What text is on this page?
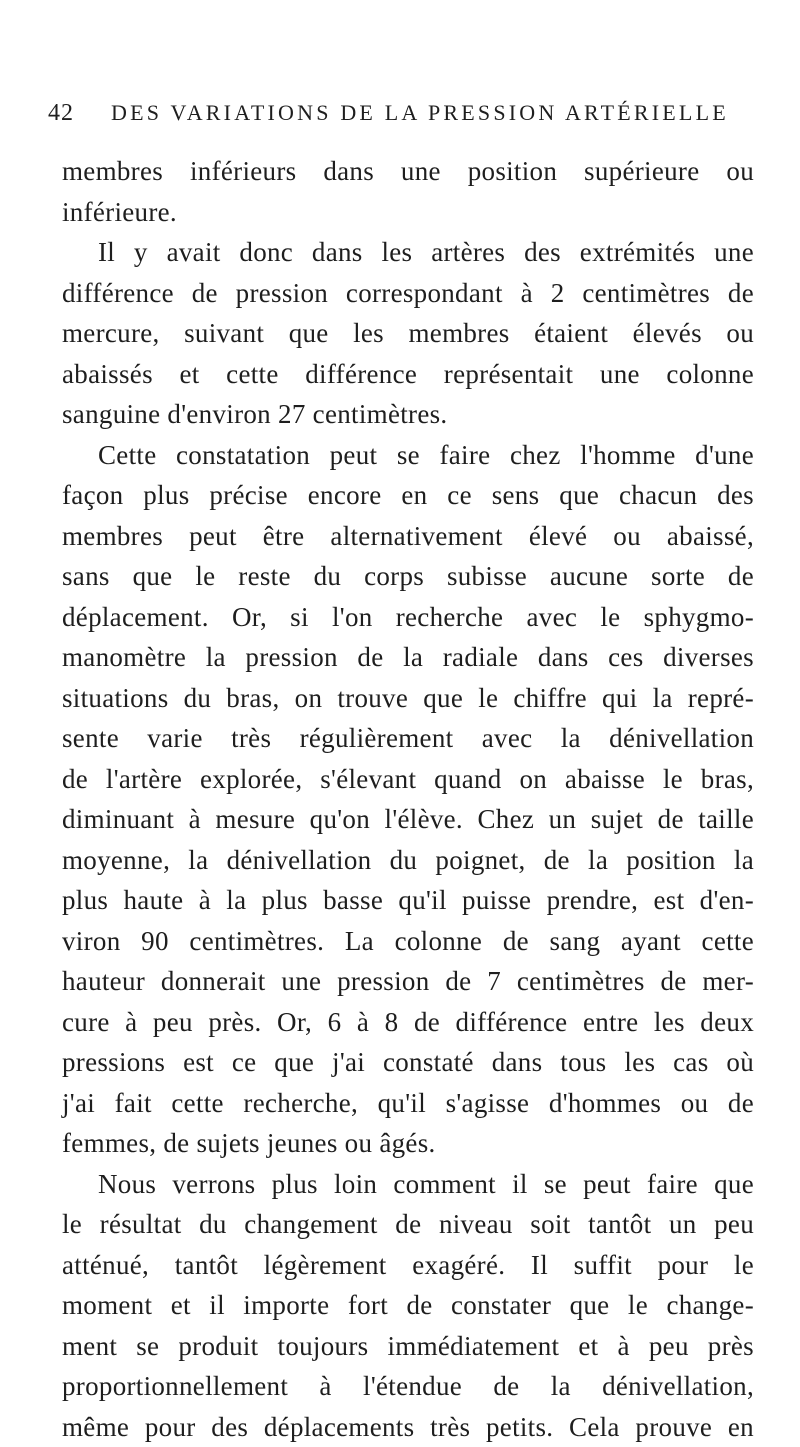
42 DES VARIATIONS DE LA PRESSION ARTÉRIELLE
membres inférieurs dans une position supérieure ou
inférieure.
Il y avait donc dans les artères des extrémités une
différence de pression correspondant à 2 centimètres de
mercure, suivant que les membres étaient élevés ou
abaissés et cette différence représentait une colonne
sanguine d'environ 27 centimètres.
Cette constatation peut se faire chez l'homme d'une
façon plus précise encore en ce sens que chacun des
membres peut être alternativement élevé ou abaissé,
sans que le reste du corps subisse aucune sorte de
déplacement. Or, si l'on recherche avec le sphygmo-
manomètre la pression de la radiale dans ces diverses
situations du bras, on trouve que le chiffre qui la repré-
sente varie très régulièrement avec la dénivellation
de l'artère explorée, s'élevant quand on abaisse le bras,
diminuant à mesure qu'on l'élève. Chez un sujet de taille
moyenne, la dénivellation du poignet, de la position la
plus haute à la plus basse qu'il puisse prendre, est d'en-
viron 90 centimètres. La colonne de sang ayant cette
hauteur donnerait une pression de 7 centimètres de mer-
cure à peu près. Or, 6 à 8 de différence entre les deux
pressions est ce que j'ai constaté dans tous les cas où
j'ai fait cette recherche, qu'il s'agisse d'hommes ou de
femmes, de sujets jeunes ou âgés.
Nous verrons plus loin comment il se peut faire que
le résultat du changement de niveau soit tantôt un peu
atténué, tantôt légèrement exagéré. Il suffit pour le
moment et il importe fort de constater que le change-
ment se produit toujours immédiatement et à peu près
proportionnellement à l'étendue de la dénivellation,
même pour des déplacements très petits. Cela prouve en
